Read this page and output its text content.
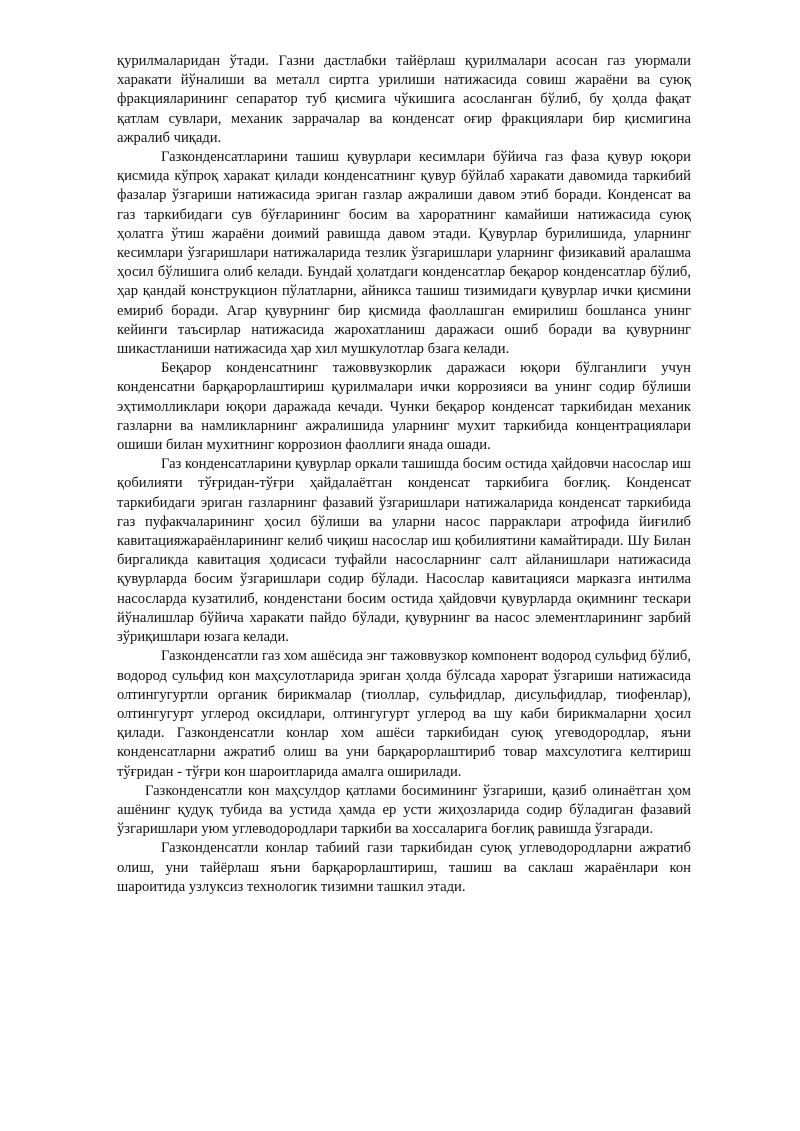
қурилмаларидан ўтади. Газни дастлабки тайёрлаш қурилмалари асосан газ уюрмали харакати йўналиши ва металл сиртга урилиши натижасида совиш жараёни ва суюқ фракцияларининг сепаратор туб қисмига чўкишига асосланган бўлиб, бу ҳолда фақат қатлам сувлари, механик заррачалар ва конденсат оғир фракциялари бир қисмигина ажралиб чиқади.

Газконденсатларини ташиш қувурлари кесимлари бўйича газ фаза қувур юқори қисмида кўпроқ харакат қилади конденсатнинг қувур бўйлаб харакати давомида таркибий фазалар ўзгариши натижасида эриган газлар ажралиши давом этиб боради. Конденсат ва газ таркибидаги сув бўғларининг босим ва хароратнинг камайиши натижасида суюқ ҳолатга ўтиш жараёни доимий равишда давом этади. Қувурлар бурилишида, уларнинг кесимлари ўзгаришлари натижаларида тезлик ўзгаришлари уларнинг физикавий аралашма ҳосил бўлишига олиб келади. Бундай ҳолатдаги конденсатлар беқарор конденсатлар бўлиб, ҳар қандай конструкцион пўлатларни, айникса ташиш тизимидаги қувурлар ички қисмини емириб боради. Агар қувурнинг бир қисмида фаоллашган емирилиш бошланса унинг кейинги таъсирлар натижасида жарохатланиш даражаси ошиб боради ва қувурнинг шикастланиши натижасида ҳар хил мушкулотлар бзага келади.

Беқарор конденсатнинг тажоввузкорлик даражаси юқори бўлганлиги учун конденсатни барқарорлаштириш қурилмалари ички коррозияси ва унинг содир бўлиши эҳтимолликлари юқори даражада кечади. Чунки беқарор конденсат таркибидан механик газларни ва намликларнинг ажралишида уларнинг мухит таркибида концентрациялари ошиши билан мухитнинг коррозион фаоллиги янада ошади.

Газ конденсатларини қувурлар оркали ташишда босим остида ҳайдовчи насослар иш қобилияти тўғридан-тўғри ҳайдалаётган конденсат таркибига боғлиқ. Конденсат таркибидаги эриган газларнинг фазавий ўзгаришлари натижаларида конденсат таркибида газ пуфакчаларининг ҳосил бўлиши ва уларни насос парраклари атрофида йиғилиб кавитацияжараёнларининг келиб чиқиш насослар иш қобилиятини камайтиради. Шу Билан биргаликда кавитация ҳодисаси туфайли насосларнинг салт айланишлари натижасида қувурларда босим ўзгаришлари содир бўлади. Насослар кавитацияси марказга интилма насосларда кузатилиб, конденстани босим остида ҳайдовчи қувурларда оқимнинг тескари йўналишлар бўйича харакати пайдо бўлади, қувурнинг ва насос элементларининг зарбий зўриқишлари юзага келади.

Газконденсатли газ хом ашёсида энг тажоввузкор компонент водород сульфид бўлиб, водород сульфид кон маҳсулотларида эриган ҳолда бўлсада харорат ўзгариши натижасида олтингугуртли органик бирикмалар (тиоллар, сульфидлар, дисульфидлар, тиофенлар), олтингугурт углерод оксидлари, олтингугурт углерод ва шу каби бирикмаларни ҳосил қилади. Газконденсатли конлар хом ашёси таркибидан суюқ угеводородлар, яъни конденсатларни ажратиб олиш ва уни барқарорлаштириб товар махсулотига келтириш тўғридан - тўғри кон шароитларида амалга оширилади.

Газконденсатли кон маҳсулдор қатлами босимининг ўзгариши, қазиб олинаётган ҳом ашёнинг қудуқ тубида ва устида ҳамда ер усти жиҳозларида содир бўладиган фазавий ўзгаришлари уюм углеводородлари таркиби ва хоссаларига боғлиқ равишда ўзгаради.

Газконденсатли конлар табиий гази таркибидан суюқ углеводородларни ажратиб олиш, уни тайёрлаш яъни барқарорлаштириш, ташиш ва саклаш жараёнлари кон шароитида узлуксиз технологик тизимни ташкил этади.
